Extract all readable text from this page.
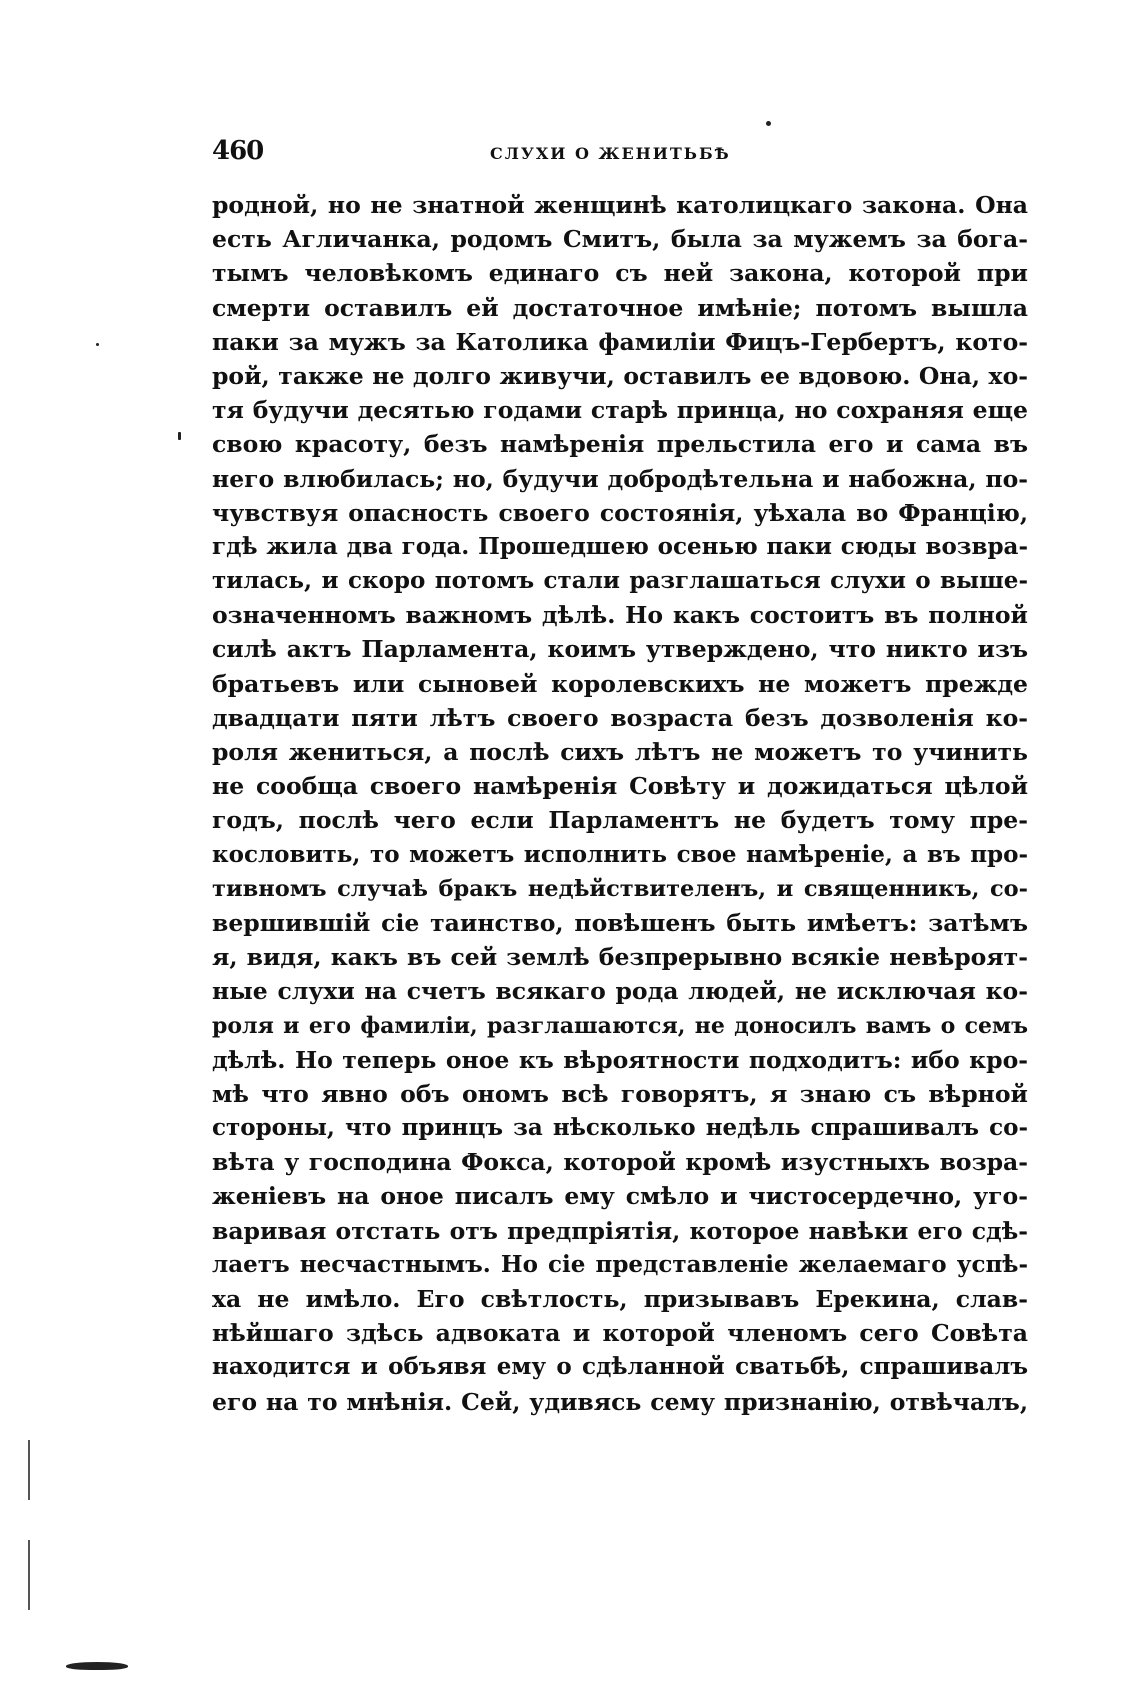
460	СЛУХИ О ЖЕНИТЬБѢ
родной, но не знатной женщинѣ католицкаго закона. Она
есть Агличанка, родомъ Смитъ, была за мужемъ за бога-
тымъ человѣкомъ единаго съ ней закона, которой при
смерти оставилъ ей достаточное имѣніе; потомъ вышла
паки за мужъ за Католика фамиліи Фицъ-Гербертъ, кото-
рой, также не долго живучи, оставилъ ее вдовою. Она, хо-
тя будучи десятью годами старѣ принца, но сохраняя еще
свою красоту, безъ намѣренія прельстила его и сама въ
него влюбилась; но, будучи добродѣтельна и набожна, по-
чувствуя опасность своего состоянія, уѣхала во Францію,
гдѣ жила два года. Прошедшею осенью паки сюды возвра-
тилась, и скоро потомъ стали разглашаться слухи о выше-
означенномъ важномъ дѣлѣ. Но какъ состоитъ въ полной
силѣ актъ Парламента, коимъ утверждено, что никто изъ
братьевъ или сыновей королевскихъ не можетъ прежде
двадцати пяти лѣтъ своего возраста безъ дозволенія ко-
роля жениться, а послѣ сихъ лѣтъ не можетъ то учинить
не сообща своего намѣренія Совѣту и дожидаться цѣлой
годъ, послѣ чего если Парламентъ не будетъ тому пре-
кословить, то можетъ исполнить свое намѣреніе, а въ про-
тивномъ случаѣ бракъ недѣйствителенъ, и священникъ, со-
вершившій сіе таинство, повѣшенъ быть имѣетъ: затѣмъ
я, видя, какъ въ сей землѣ безпрерывно всякіе невѣроят-
ные слухи на счетъ всякаго рода людей, не исключая ко-
роля и его фамиліи, разглашаются, не доносилъ вамъ о семъ
дѣлѣ. Но теперь оное къ вѣроятности подходитъ: ибо кро-
мѣ что явно объ ономъ всѣ говорятъ, я знаю съ вѣрной
стороны, что принцъ за нѣсколько недѣль спрашивалъ со-
вѣта у господина Фокса, которой кромѣ изустныхъ возра-
женіевъ на оное писалъ ему смѣло и чистосердечно, уго-
варивая отстать отъ предпріятія, которое навѣки его сдѣ-
лаетъ несчастнымъ. Но сіе представленіе желаемаго успѣ-
ха не имѣло. Его свѣтлость, призывавъ Ерекина, слав-
нѣйшаго здѣсь адвоката и которой членомъ сего Совѣта
находится и объявя ему о сдѣланной сватьбѣ, спрашивалъ
его на то мнѣнія. Сей, удивясь сему признанію, отвѣчалъ,
